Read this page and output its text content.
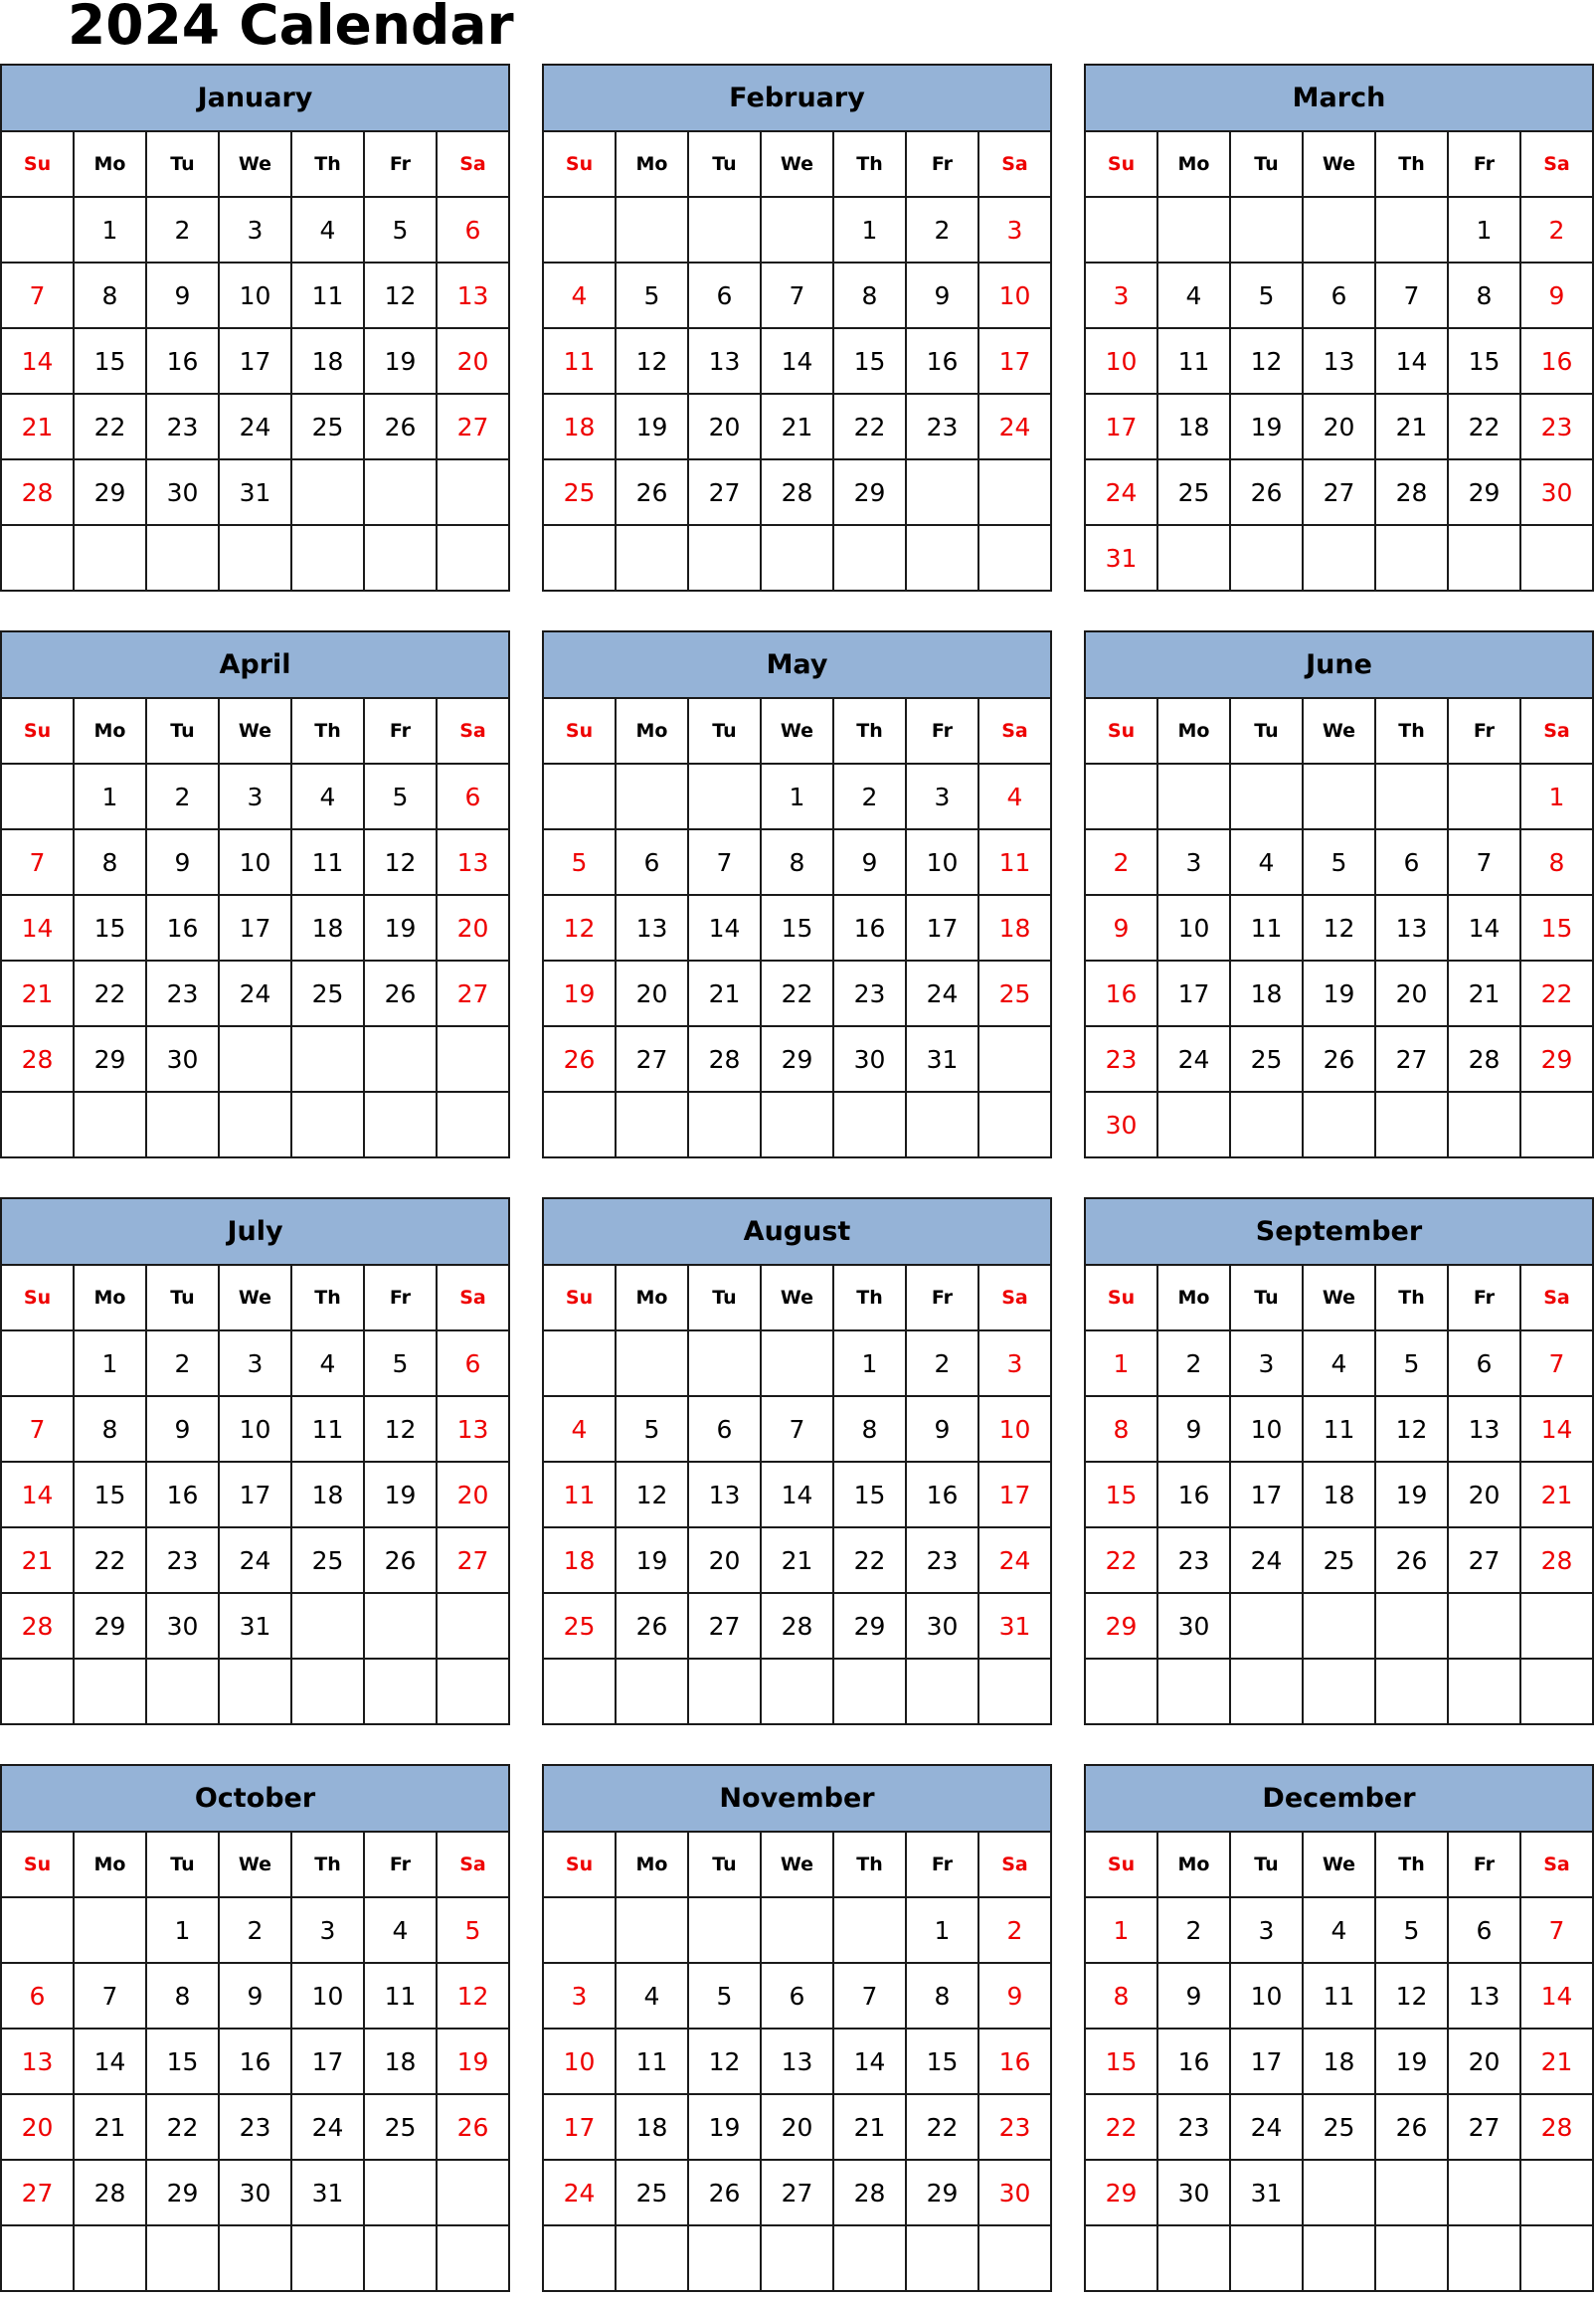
2024 Calendar
January						
Su	Mo	Tu	We	Th	Fr	Sa
	1	2	3	4	5	6
7	8	9	10	11	12	13
14	15	16	17	18	19	20
21	22	23	24	25	26	27
28	29	30	31			

February						
Su	Mo	Tu	We	Th	Fr	Sa
				1	2	3
4	5	6	7	8	9	10
11	12	13	14	15	16	17
18	19	20	21	22	23	24
25	26	27	28	29		

March						
Su	Mo	Tu	We	Th	Fr	Sa
					1	2
3	4	5	6	7	8	9
10	11	12	13	14	15	16
17	18	19	20	21	22	23
24	25	26	27	28	29	30
31						
April						
Su	Mo	Tu	We	Th	Fr	Sa
	1	2	3	4	5	6
7	8	9	10	11	12	13
14	15	16	17	18	19	20
21	22	23	24	25	26	27
28	29	30				

May						
Su	Mo	Tu	We	Th	Fr	Sa
			1	2	3	4
5	6	7	8	9	10	11
12	13	14	15	16	17	18
19	20	21	22	23	24	25
26	27	28	29	30	31	

June						
Su	Mo	Tu	We	Th	Fr	Sa
						1
2	3	4	5	6	7	8
9	10	11	12	13	14	15
16	17	18	19	20	21	22
23	24	25	26	27	28	29
30						
July						
Su	Mo	Tu	We	Th	Fr	Sa
	1	2	3	4	5	6
7	8	9	10	11	12	13
14	15	16	17	18	19	20
21	22	23	24	25	26	27
28	29	30	31			

August						
Su	Mo	Tu	We	Th	Fr	Sa
				1	2	3
4	5	6	7	8	9	10
11	12	13	14	15	16	17
18	19	20	21	22	23	24
25	26	27	28	29	30	31

September						
Su	Mo	Tu	We	Th	Fr	Sa
1	2	3	4	5	6	7
8	9	10	11	12	13	14
15	16	17	18	19	20	21
22	23	24	25	26	27	28
29	30					

October						
Su	Mo	Tu	We	Th	Fr	Sa
		1	2	3	4	5
6	7	8	9	10	11	12
13	14	15	16	17	18	19
20	21	22	23	24	25	26
27	28	29	30	31		

November						
Su	Mo	Tu	We	Th	Fr	Sa
					1	2
3	4	5	6	7	8	9
10	11	12	13	14	15	16
17	18	19	20	21	22	23
24	25	26	27	28	29	30

December						
Su	Mo	Tu	We	Th	Fr	Sa
1	2	3	4	5	6	7
8	9	10	11	12	13	14
15	16	17	18	19	20	21
22	23	24	25	26	27	28
29	30	31				
